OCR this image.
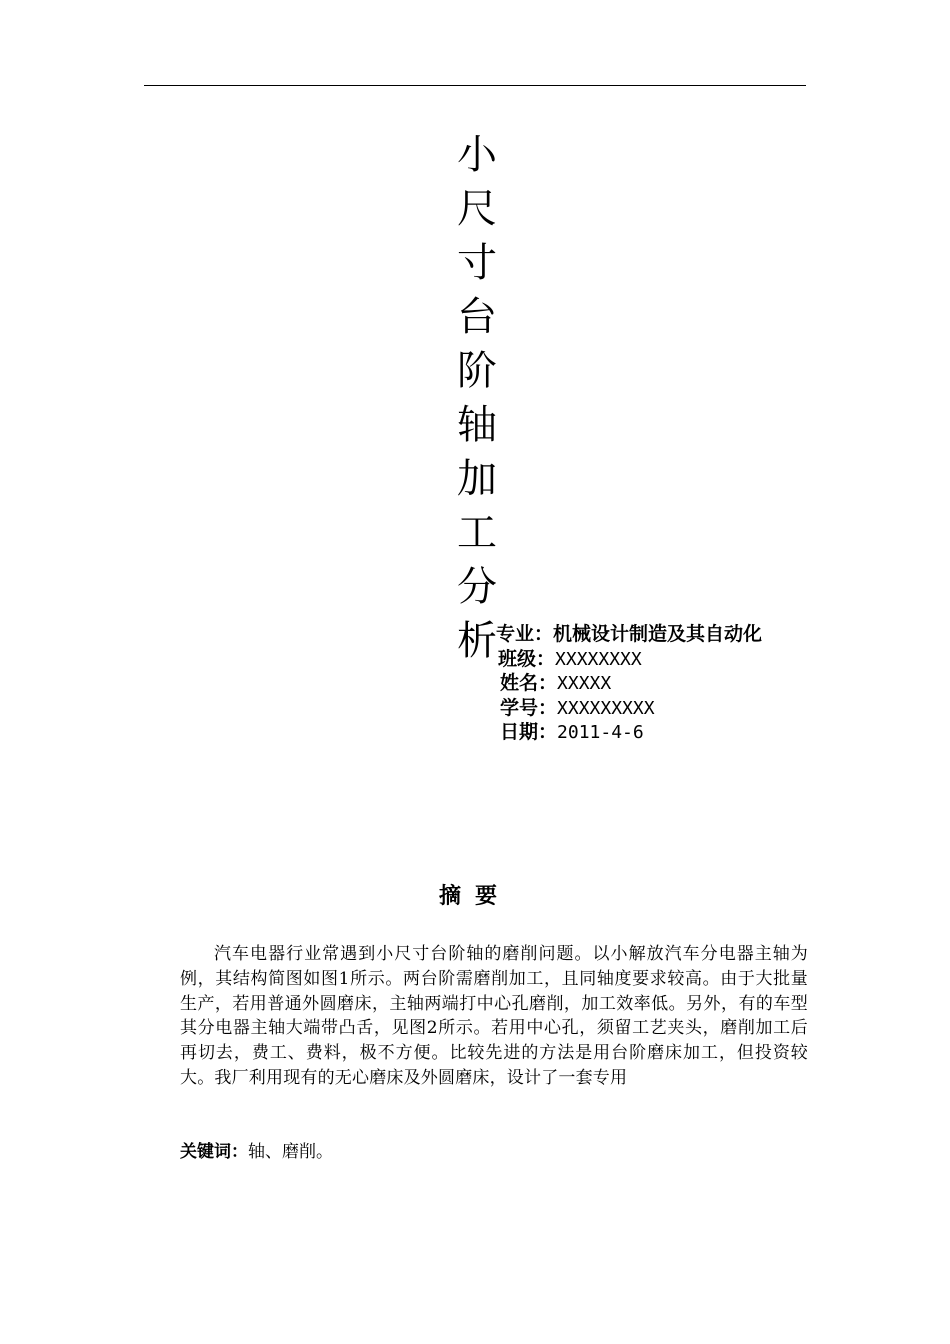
小
尺
寸
台
阶
轴
加
工
分
析 专业：机械设计制造及其自动化
班级：XXXXXXXX
姓名：XXXXX
学号：XXXXXXXXX
日期：2011-4-6
摘要
汽车电器行业常遇到小尺寸台阶轴的磨削问题。以小解放汽车分电器主轴为例，其结构简图如图1所示。两台阶需磨削加工，且同轴度要求较高。由于大批量生产，若用普通外圆磨床，主轴两端打中心孔磨削，加工效率低。另外，有的车型其分电器主轴大端带凸舌，见图2所示。若用中心孔，须留工艺夹头，磨削加工后再切去，费工、费料，极不方便。比较先进的方法是用台阶磨床加工，但投资较大。我厂利用现有的无心磨床及外圆磨床，设计了一套专用
关键词：轴、磨削。
